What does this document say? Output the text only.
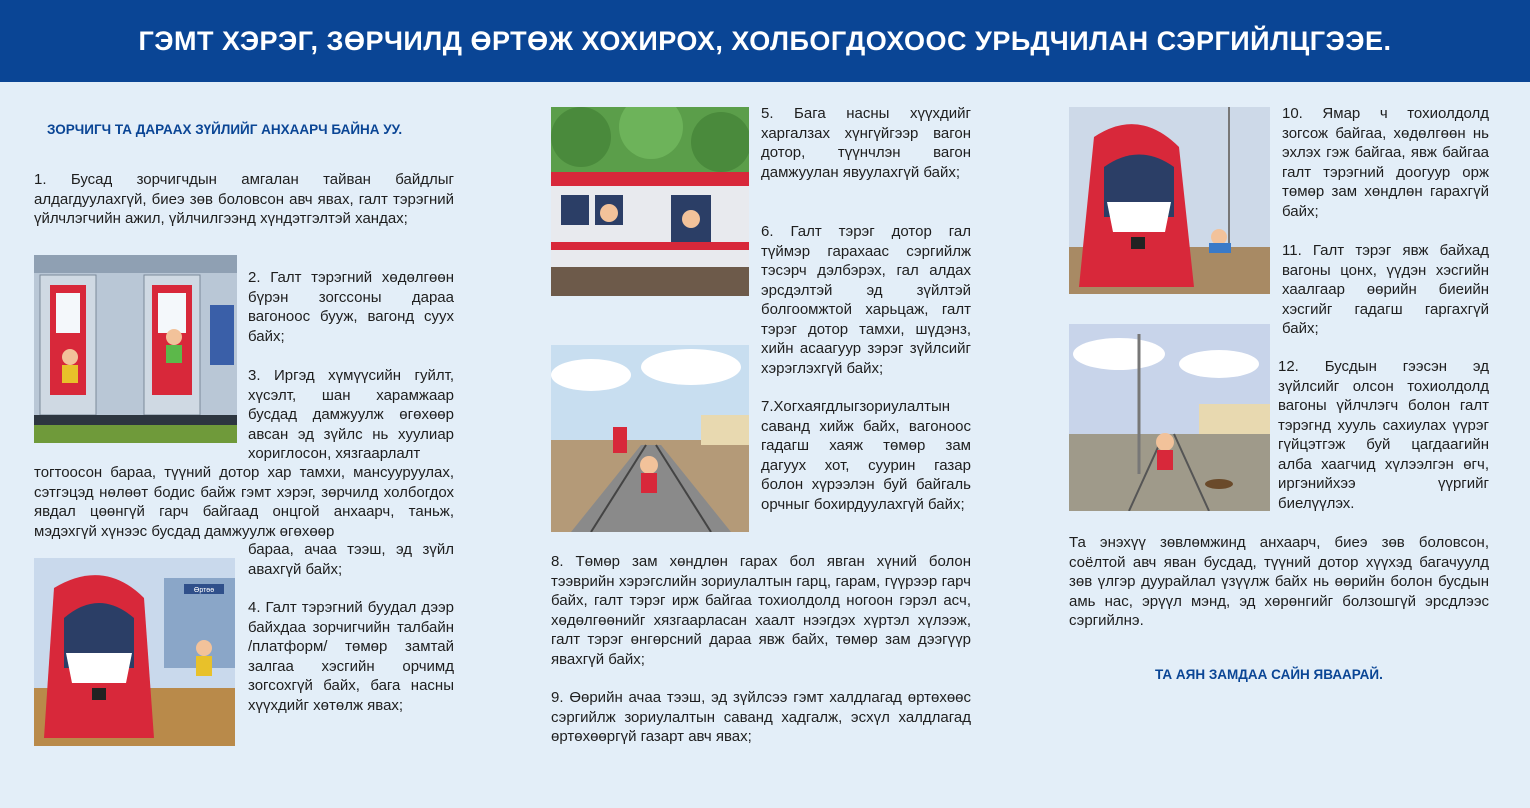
ГЭМТ ХЭРЭГ, ЗӨРЧИЛД ӨРТӨЖ ХОХИРОХ, ХОЛБОГДОХООС УРЬДЧИЛАН СЭРГИЙЛЦГЭЭЕ.
ЗОРЧИГЧ ТА ДАРААХ ЗҮЙЛИЙГ АНХААРЧ БАЙНА УУ.
1. Бусад зорчигчдын амгалан тайван байдлыг алдагдуулахгүй, биеэ зөв боловсон авч явах, галт тэрэгний үйлчлэгчийн ажил, үйлчилгээнд хүндэтгэлтэй хандах;
2. Галт тэрэгний хөдөлгөөн бүрэн зогссоны дараа вагоноос бууж, вагонд суух байх;
3. Иргэд хүмүүсийн гуйлт, хүсэлт, шан харамжаар бусдад дамжуулж өгөхөөр авсан эд зүйлс нь хуулиар хориглосон, хязгаарлалт
тогтоосон бараа, түүний дотор хар тамхи, мансууруулах, сэтгэцэд нөлөөт бодис байж гэмт хэрэг, зөрчилд холбогдох явдал цөөнгүй гарч байгаад онцгой анхаарч, таньж, мэдэхгүй хүнээс бусдад дамжуулж өгөхөөр
бараа, ачаа тээш, эд зүйл авахгүй байх;
Өртөө
4. Галт тэрэгний буудал дээр байхдаа зорчигчийн талбайн /платформ/ төмөр замтай залгаа хэсгийн орчимд зогсохгүй байх, бага насны хүүхдийг хөтөлж явах;
5. Бага насны хүүхдийг харгалзах хүнгүйгээр вагон дотор, түүнчлэн вагон дамжуулан явуулахгүй байх;
6. Галт тэрэг дотор гал түймэр гарахаас сэргийлж тэсэрч дэлбэрэх, гал алдах эрсдэлтэй эд зүйлтэй болгоомжтой харьцаж, галт тэрэг дотор тамхи, шүдэнз, хийн асаагуур зэрэг зүйлсийг хэрэглэхгүй байх;
7.Хогхаягдлыгзориулалтын саванд хийж байх, вагоноос гадагш хаяж төмөр зам дагуух хот, суурин газар болон хүрээлэн буй байгаль орчныг бохирдуулахгүй байх;
8. Төмөр зам хөндлөн гарах бол явган хүний болон тээврийн хэрэгслийн зориулалтын гарц, гарам, гүүрээр гарч байх, галт тэрэг ирж байгаа тохиолдолд ногоон гэрэл асч, хөдөлгөөнийг хязгаарласан хаалт нээгдэх хүртэл хүлээж, галт тэрэг өнгөрсний дараа явж байх, төмөр зам дээгүүр явахгүй байх;
9. Өөрийн ачаа тээш, эд зүйлсээ гэмт халдлагад өртөхөөс сэргийлж зориулалтын саванд хадгалж, эсхүл халдлагад өртөхөөргүй газарт авч явах;
10. Ямар ч тохиолдолд зогсож байгаа, хөдөлгөөн нь эхлэх гэж байгаа, явж байгаа галт тэрэгний доогуур орж төмөр зам хөндлөн гарахгүй байх;
11. Галт тэрэг явж байхад вагоны цонх, үүдэн хэсгийн хаалгаар өөрийн биеийн хэсгийг гадагш гаргахгүй байх;
12. Бусдын гээсэн эд зүйлсийг олсон тохиолдолд вагоны үйлчлэгч болон галт тэрэгнд хууль сахиулах үүрэг гүйцэтгэж буй цагдаагийн алба хаагчид хүлээлгэн өгч, иргэнийхээ үүргийг биелүүлэх.
Та энэхүү зөвлөмжинд анхаарч, биеэ зөв боловсон, соёлтой авч яван бусдад, түүний дотор хүүхэд багачуулд зөв үлгэр дуурайлал үзүүлж байх нь өөрийн болон бусдын амь нас, эрүүл мэнд, эд хөрөнгийг болзошгүй эрсдлээс сэргийлнэ.
ТА АЯН ЗАМДАА САЙН ЯВААРАЙ.
